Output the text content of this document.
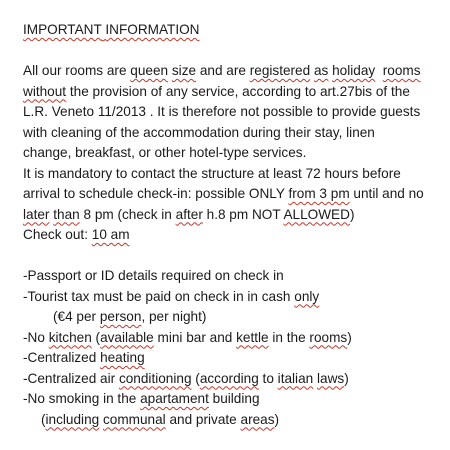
IMPORTANT INFORMATION
All our rooms are queen size and are registered as holiday rooms
without the provision of any service, according to art.27bis of the
L.R. Veneto 11/2013 . It is therefore not possible to provide guests
with cleaning of the accommodation during their stay, linen
change, breakfast, or other hotel-type services.
It is mandatory to contact the structure at least 72 hours before
arrival to schedule check-in: possible ONLY from 3 pm until and no
later than 8 pm (check in after h.8 pm NOT ALLOWED)
Check out: 10 am
-Passport or ID details required on check in
-Tourist tax must be paid on check in in cash only
(€4 per person, per night)
-No kitchen (available mini bar and kettle in the rooms)
-Centralized heating
-Centralized air conditioning (according to italian laws)
-No smoking in the apartament building
(including communal and private areas)
